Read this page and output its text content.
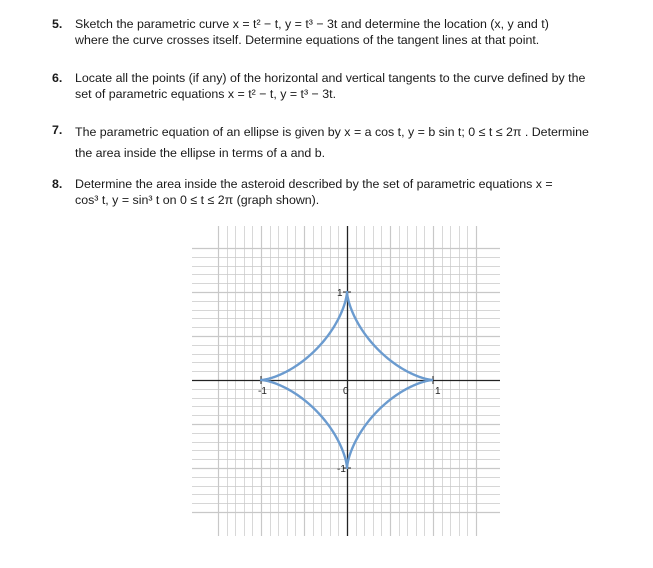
5. Sketch the parametric curve x = t² − t, y = t³ − 3t and determine the location (x, y and t)
where the curve crosses itself. Determine equations of the tangent lines at that point.
6. Locate all the points (if any) of the horizontal and vertical tangents to the curve defined by the
set of parametric equations x = t² − t, y = t³ − 3t.
7. The parametric equation of an ellipse is given by x = a cos t, y = b sin t; 0 ≤ t ≤ 2π . Determine
the area inside the ellipse in terms of a and b.
8. Determine the area inside the asteroid described by the set of parametric equations x =
cos³ t, y = sin³ t on 0 ≤ t ≤ 2π (graph shown).
-1	0	1
1
-1
